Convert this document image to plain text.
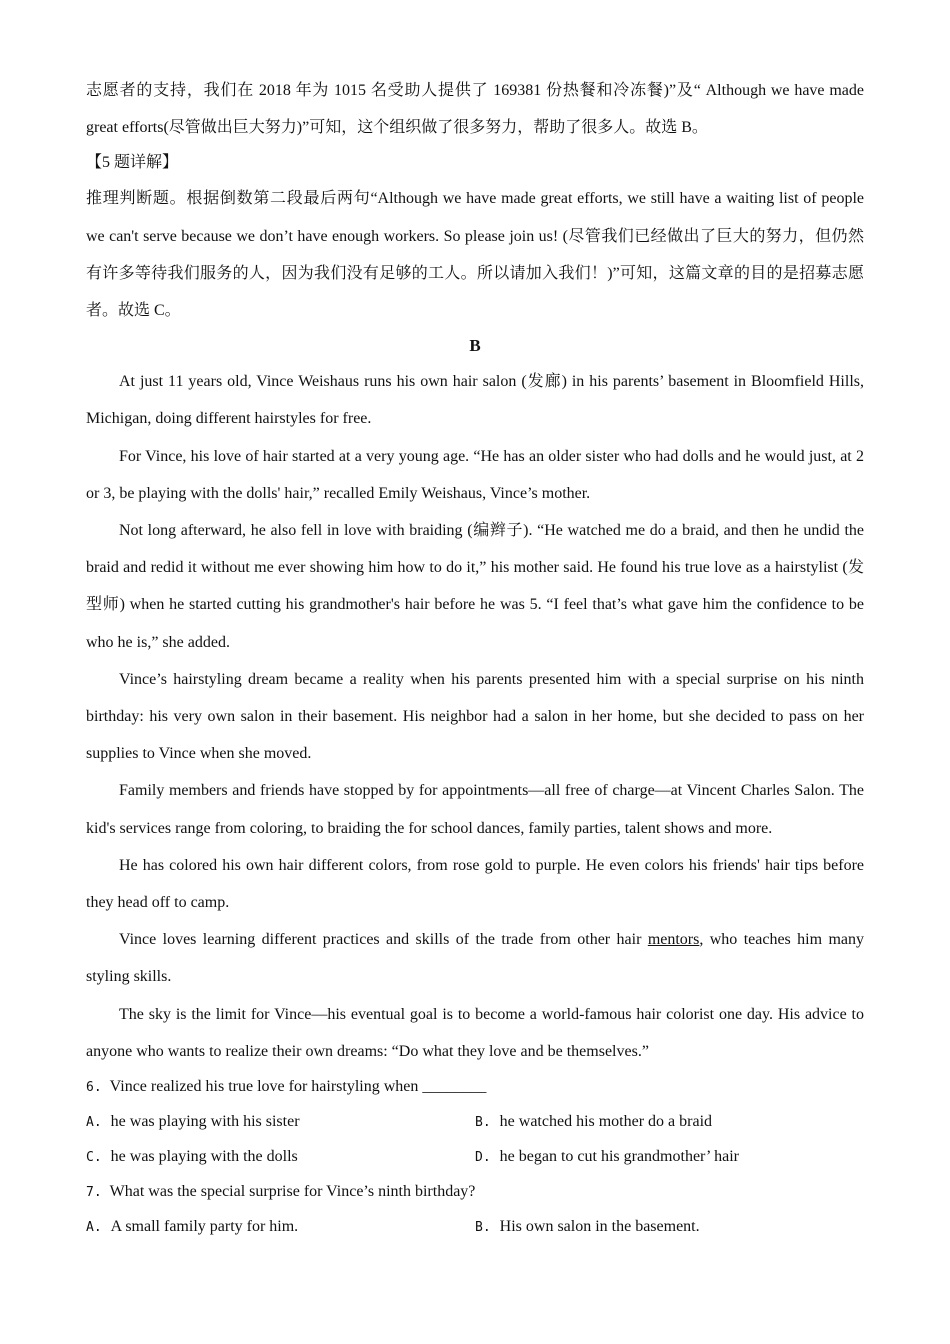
志愿者的支持，我们在 2018 年为 1015 名受助人提供了 169381 份热餐和冷冻餐)”及“ Although we have made great efforts(尽管做出巨大努力)”可知，这个组织做了很多努力，帮助了很多人。故选 B。

【5 题详解】

推理判断题。根据倒数第二段最后两句“Although we have made great efforts, we still have a waiting list of people we can't serve because we don’t have enough workers. So please join us! (尽管我们已经做出了巨大的努力，但仍然有许多等待我们服务的人，因为我们没有足够的工人。所以请加入我们！)”可知，这篇文章的目的是招募志愿者。故选 C。

B

At just 11 years old, Vince Weishaus runs his own hair salon (发廊) in his parents’ basement in Bloomfield Hills, Michigan, doing different hairstyles for free.

For Vince, his love of hair started at a very young age. “He has an older sister who had dolls and he would just, at 2 or 3, be playing with the dolls' hair,” recalled Emily Weishaus, Vince’s mother.

Not long afterward, he also fell in love with braiding (编辫子). “He watched me do a braid, and then he undid the braid and redid it without me ever showing him how to do it,” his mother said. He found his true love as a hairstylist (发型师) when he started cutting his grandmother's hair before he was 5. “I feel that’s what gave him the confidence to be who he is,” she added.

Vince’s hairstyling dream became a reality when his parents presented him with a special surprise on his ninth birthday: his very own salon in their basement. His neighbor had a salon in her home, but she decided to pass on her supplies to Vince when she moved.

Family members and friends have stopped by for appointments—all free of charge—at Vincent Charles Salon. The kid's services range from coloring, to braiding the for school dances, family parties, talent shows and more.

He has colored his own hair different colors, from rose gold to purple. He even colors his friends' hair tips before they head off to camp.

Vince loves learning different practices and skills of the trade from other hair mentors, who teaches him many styling skills.

The sky is the limit for Vince—his eventual goal is to become a world-famous hair colorist one day. His advice to anyone who wants to realize their own dreams: “Do what they love and be themselves.”

6. Vince realized his true love for hairstyling when ________

A. he was playing with his sister	B. he watched his mother do a braid
C. he was playing with the dolls	D. he began to cut his grandmother’ hair

7. What was the special surprise for Vince’s ninth birthday?

A. A small family party for him.	B. His own salon in the basement.
